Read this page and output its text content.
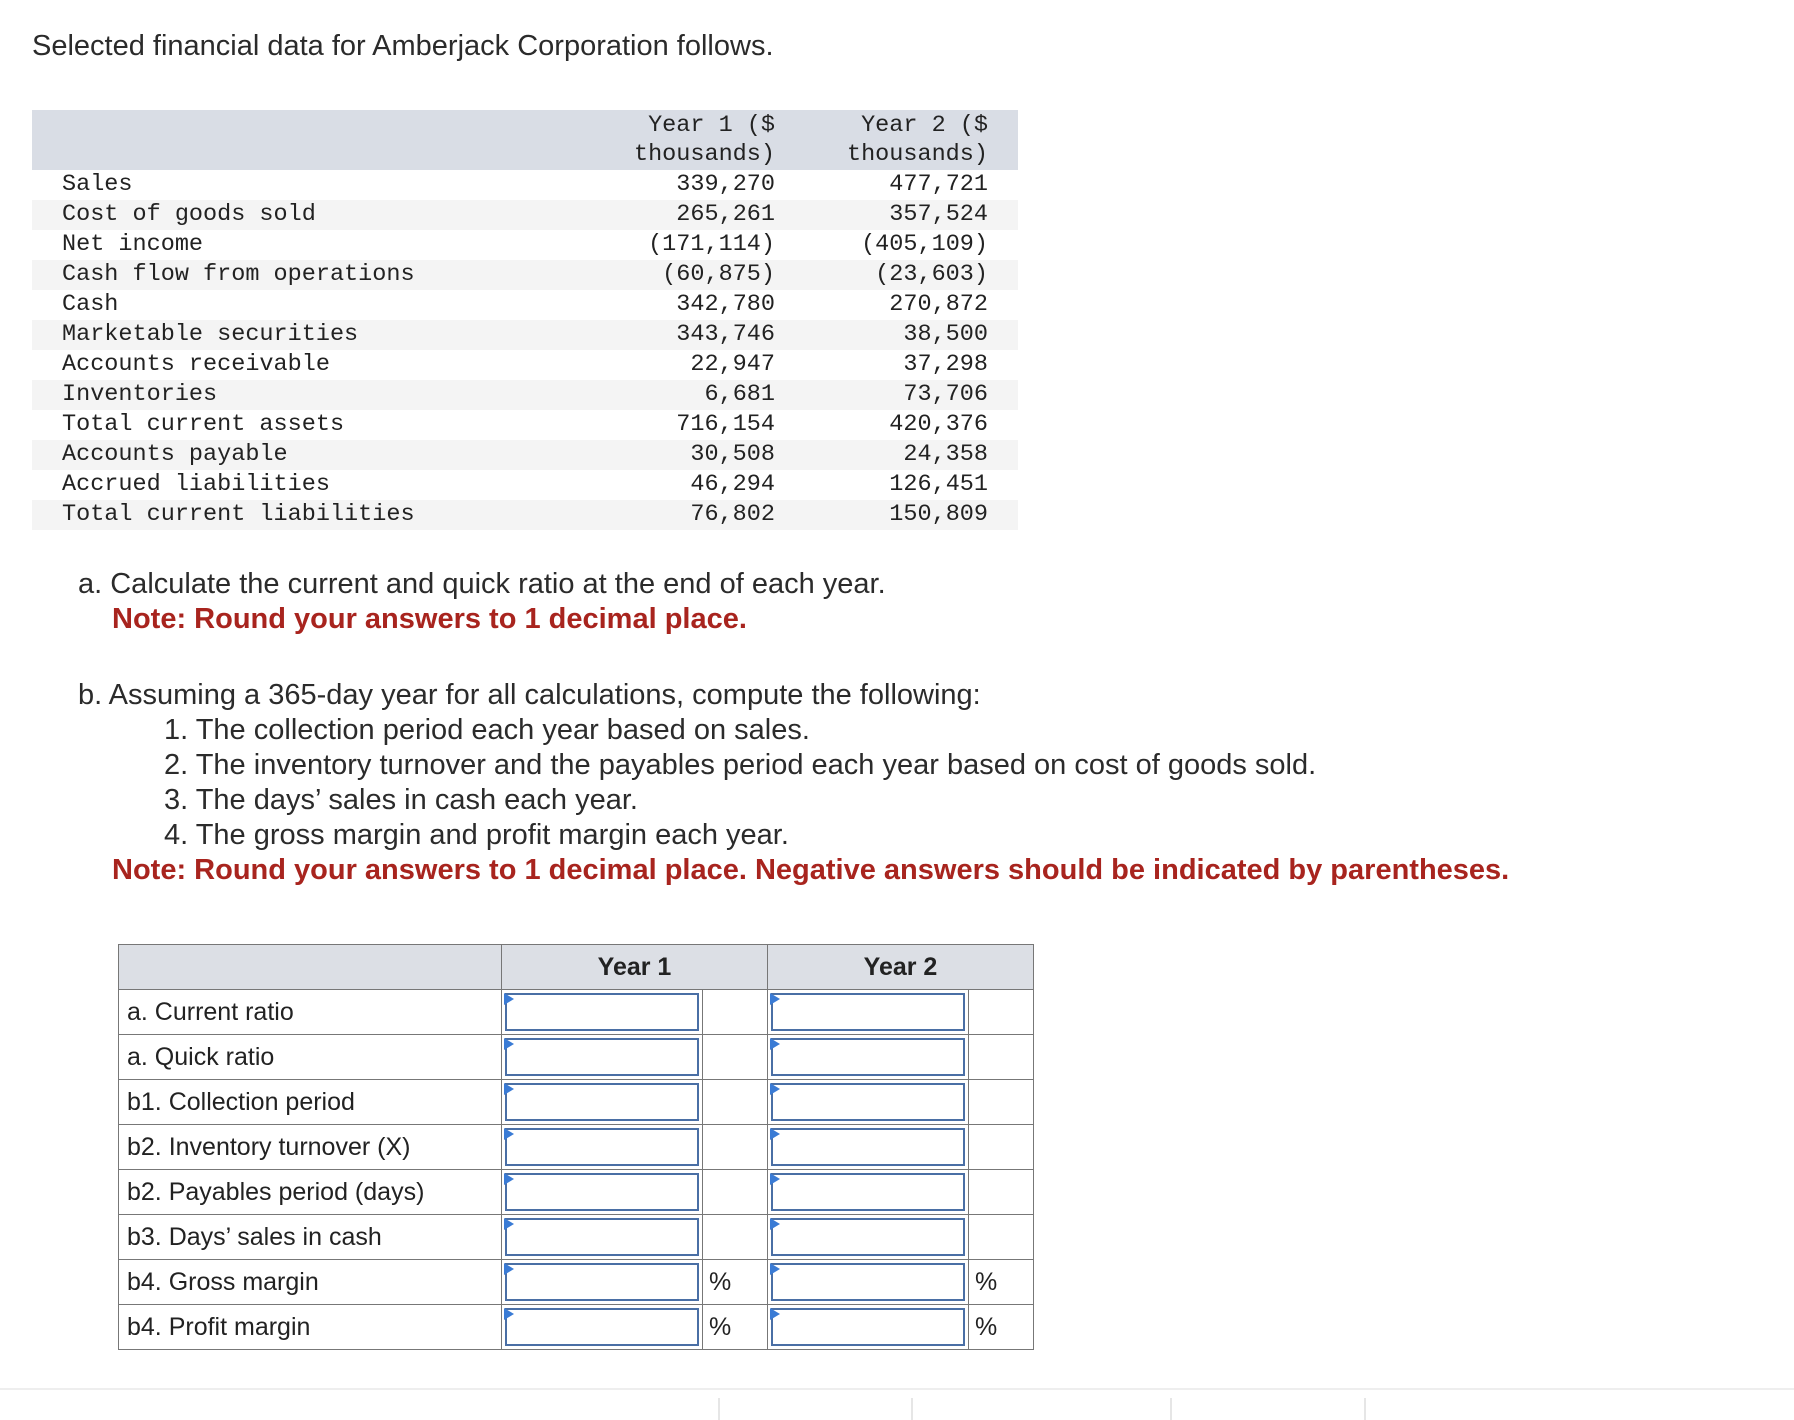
Selected financial data for Amberjack Corporation follows.
	Year 1 ($
thousands)	Year 2 ($
thousands)
Sales	339,270	477,721
Cost of goods sold	265,261	357,524
Net income	(171,114)	(405,109)
Cash flow from operations	(60,875)	(23,603)
Cash	342,780	270,872
Marketable securities	343,746	38,500
Accounts receivable	22,947	37,298
Inventories	6,681	73,706
Total current assets	716,154	420,376
Accounts payable	30,508	24,358
Accrued liabilities	46,294	126,451
Total current liabilities	76,802	150,809
a. Calculate the current and quick ratio at the end of each year.
Note: Round your answers to 1 decimal place.
b. Assuming a 365-day year for all calculations, compute the following:
1. The collection period each year based on sales.
2. The inventory turnover and the payables period each year based on cost of goods sold.
3. The days’ sales in cash each year.
4. The gross margin and profit margin each year.
Note: Round your answers to 1 decimal place. Negative answers should be indicated by parentheses.
	Year 1		Year 2	
a. Current ratio	

a. Quick ratio	

b1. Collection period	

b2. Inventory turnover (X)	

b2. Payables period (days)	

b3. Days’ sales in cash	

b4. Gross margin		%		%
b4. Profit margin		%		%
